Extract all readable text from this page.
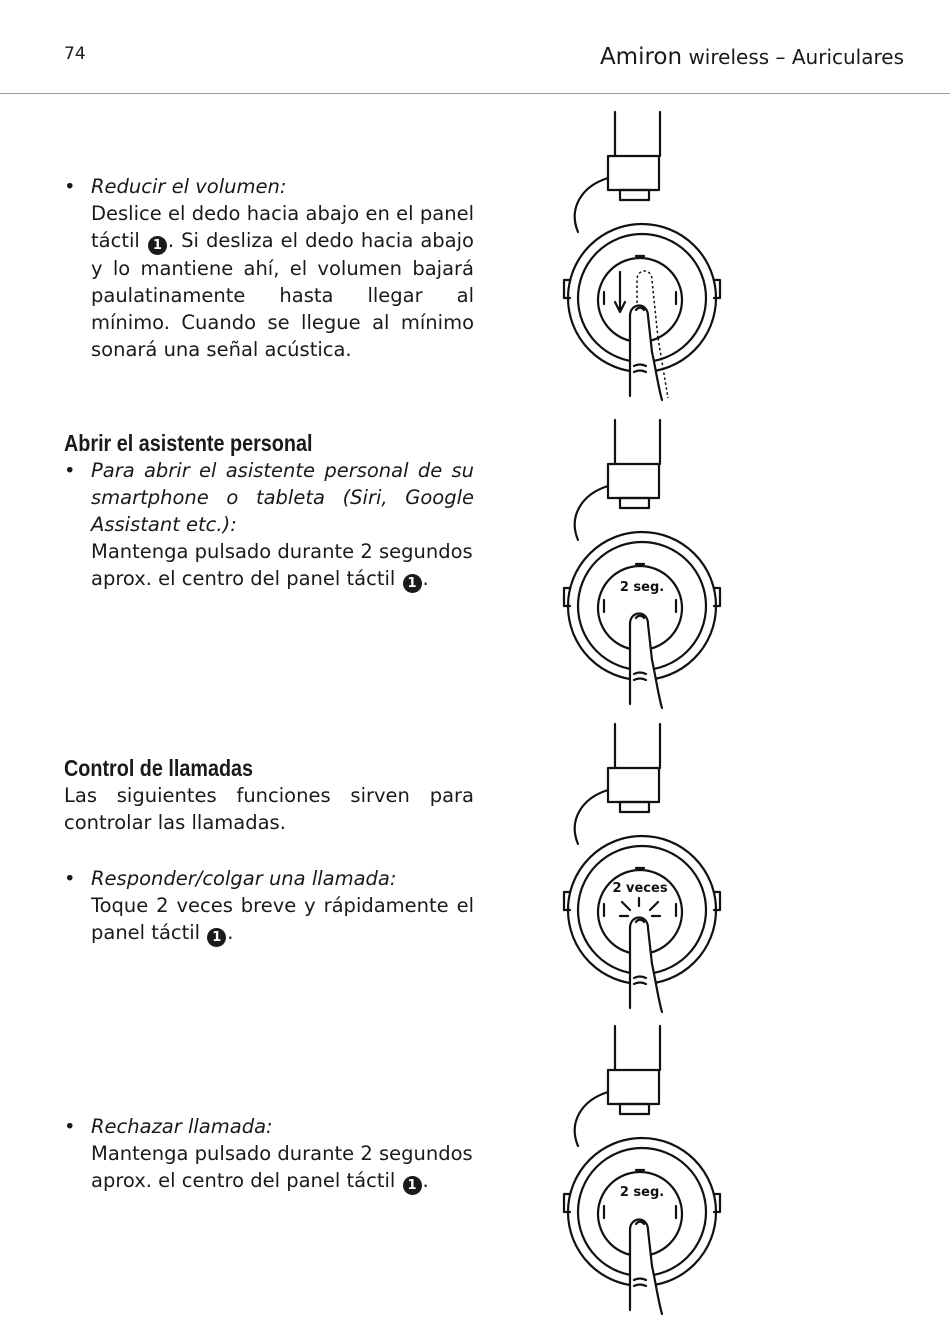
74	Amiron wireless – Auriculares
• Reducir el volumen:

Deslice el dedo hacia abajo en el panel táctil 1 . Si desliza el dedo hacia abajo y lo mantiene ahí, el volumen bajará paulatinamente hasta llegar al mínimo. Cuando se llegue al mínimo sonará una señal acústica.

Abrir el asistente personal
• Para abrir el asistente personal de su smartphone o tableta (Siri, Google Assistant etc.):

Mantenga pulsado durante 2 segundos aprox. el centro del panel táctil 1 .

Control de llamadas

Las siguientes funciones sirven para controlar las llamadas.

• Responder/colgar una llamada:

Toque 2 veces breve y rápidamente el panel táctil 1 .

• Rechazar llamada:

Mantenga pulsado durante 2 segundos aprox. el centro del panel táctil 1 .

2 seg.
2 veces
2 seg.
